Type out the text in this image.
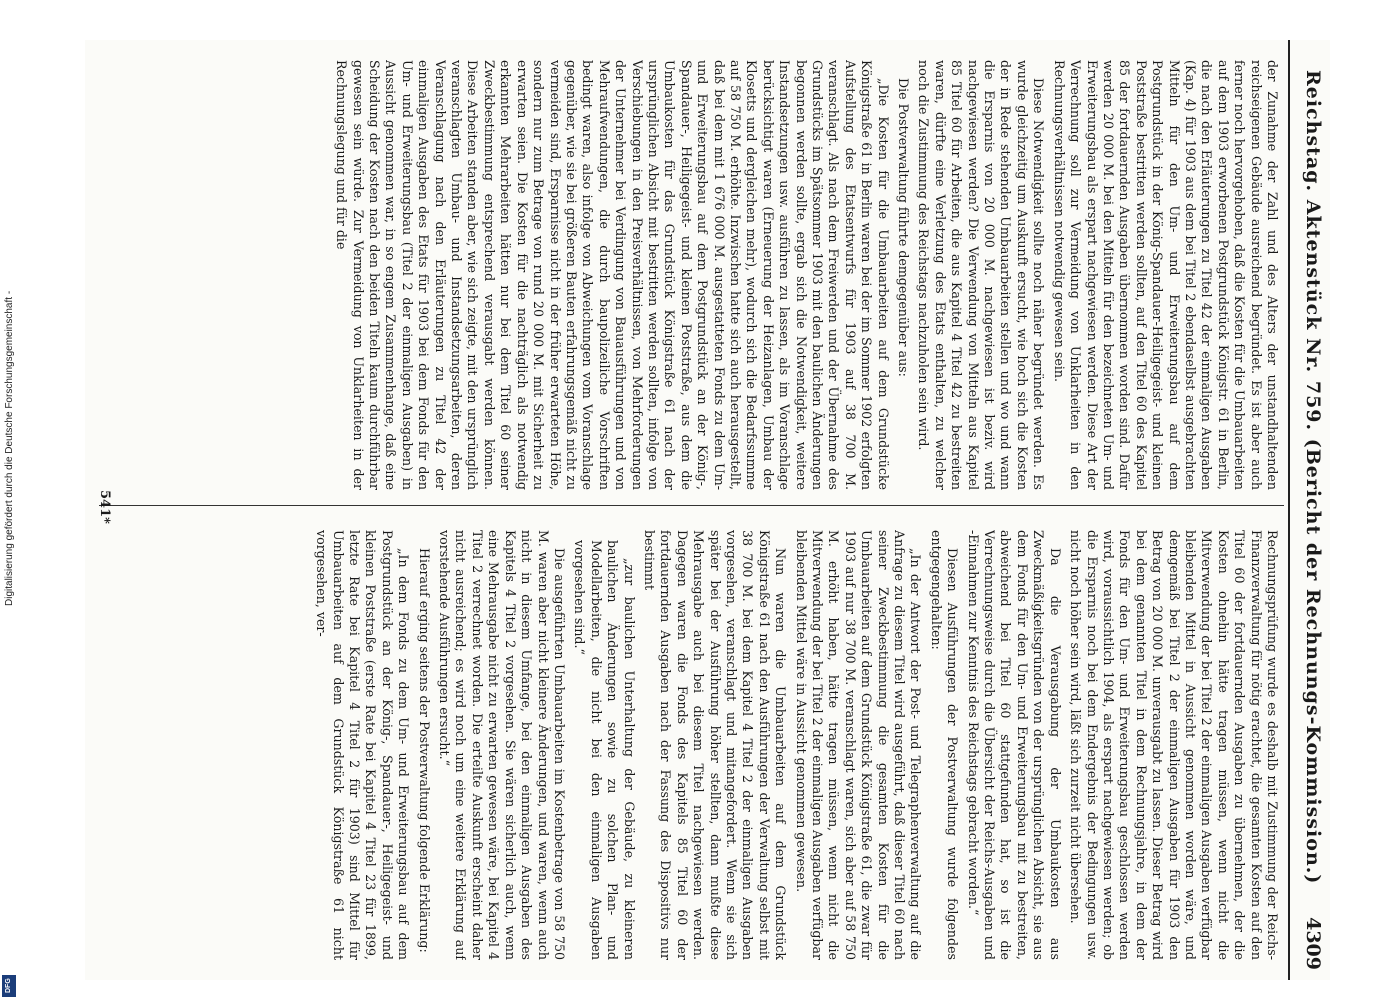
Reichstag. Aktenstück Nr. 759. (Bericht der Rechnungs-Kommission.)
4309

der Zunahme der Zahl und des Alters der unstandhaltenden reichseigenen Gebäude ausreichend begründet. Es ist aber auch ferner noch hervorgehoben, daß die Kosten für die Umbauarbeiten auf dem 1903 erworbenen Postgrundstück Königstr. 61 in Berlin, die nach den Erläuterungen zu Titel 42 der einmaligen Ausgaben (Kap. 4) für 1903 aus dem bei Titel 2 ebendaselbst ausgebrachten Mitteln für den Um- und Erweiterungsbau auf dem Postgrundstück in der König-Spandauer-Heiligegeist- und kleinen Poststraße bestritten werden sollten, auf den Titel 60 des Kapitel 85 der fortdauernden Ausgaben übernommen worden sind. Dafür werden 20 000 M. bei den Mitteln für den bezeichneten Um- und Erweiterungsbau als erspart nachgewiesen werden. Diese Art der Verrechnung soll zur Vermeidung von Unklarheiten in den Rechnungsverhältnissen notwendig gewesen sein.

Diese Notwendigkeit sollte noch näher begründet werden. Es wurde gleichzeitig um Auskunft ersucht, wie hoch sich die Kosten der in Rede stehenden Umbauarbeiten stellen und wo und wann die Ersparnis von 20 000 M. nachgewiesen ist beziv. wird nachgewiesen werden? Die Verwendung von Mitteln aus Kapitel 85 Titel 60 für Arbeiten, die aus Kapitel 4 Titel 42 zu bestreiten waren, dürfte eine Verletzung des Etats enthalten, zu welcher noch die Zustimmung des Reichstags nachzuholen sein wird.

Die Postverwaltung führte demgegenüber aus:

„Die Kosten für die Umbauarbeiten auf dem Grundstücke Königstraße 61 in Berlin waren bei der im Sommer 1902 erfolgten Aufstellung des Etatsentwurfs für 1903 auf 38 700 M. veranschlagt. Als nach dem Freiwerden und der Übernahme des Grundstücks im Spätsommer 1903 mit den baulichen Änderungen begonnen werden sollte, ergab sich die Notwendigkeit, weitere Instandsetzungen usw. ausführen zu lassen, als im Voranschlage berücksichtigt waren (Erneuerung der Heizanlagen, Umbau der Klosetts und dergleichen mehr), wodurch sich die Bedarfssumme auf 58 750 M. erhöhte. Inzwischen hatte sich auch herausgestellt, daß bei dem mit 1 676 000 M. ausgestatteten Fonds zu dem Um- und Erweiterungsbau auf dem Postgrundstück an der König-, Spandauer-, Heiligegeist- und kleinen Poststraße, aus dem die Umbaukosten für das Grundstück Königstraße 61 nach der ursprünglichen Absicht mit bestritten werden sollten, infolge von Verschiebungen in den Preisverhältnissen, von Mehrforderungen der Unternehmer bei Verdingung von Bauausführungen und von Mehraufwendungen, die durch baupolizeiliche Vorschriften bedingt waren, also infolge von Abweichungen vom Voranschlage gegenüber, wie sie bei größeren Bauten erfahrungsgemäß nicht zu vermeiden sind, Ersparnisse nicht in der früher erwarteten Höhe, sondern nur zum Betrage von rund 20 000 M. mit Sicherheit zu erwarten seien. Die Kosten für die nachträglich als notwendig erkannten Mehrarbeiten hätten nur bei dem Titel 60 seiner Zweckbestimmung entsprechend verausgabt werden können. Diese Arbeiten standen aber, wie sich zeigte, mit den ursprünglich veranschlagten Umbau- und Instandsetzungsarbeiten, deren Veranschlagung nach den Erläuterungen zu Titel 42 der einmaligen Ausgaben des Etats für 1903 bei dem Fonds für den Um- und Erweiterungsbau (Titel 2 der einmaligen Ausgaben) in Aussicht genommen war, in so engem Zusammenhange, daß eine Scheidung der Kosten nach den beiden Titeln kaum durchführbar gewesen sein würde. Zur Vermeidung von Unklarheiten in der Rechnungslegung und für die

Rechnungsprüfung wurde es deshalb mit Zustimmung der Reichs-Finanzverwaltung für nötig erachtet, die gesamten Kosten auf den Titel 60 der fortdauernden Ausgaben zu übernehmen, der die Kosten ohnehin hätte tragen müssen, wenn nicht die Mitverwendung der bei Titel 2 der einmaligen Ausgaben verfügbar bleibenden Mittel in Aussicht genommen worden wäre, und demgemäß bei Titel 2 der einmaligen Ausgaben für 1903 den Betrag von 20 000 M. unverausgabt zu lassen. Dieser Betrag wird bei dem genannten Titel in dem Rechnungsjahre, in dem der Fonds für den Um- und Erweiterungsbau geschlossen werden wird, voraussichtlich 1904, als erspart nachgewiesen werden; ob die Ersparnis noch bei dem Endergebnis der Bedingungen usw. nicht noch höher sein wird, läßt sich zurzeit nicht übersehen.

Da die Verausgabung der Umbaukosten aus Zweckmäßigkeitsgründen von der ursprünglichen Absicht, sie aus dem Fonds für den Um- und Erweiterungsbau mit zu bestreiten, abweichend bei Titel 60 stattgefunden hat, so ist die Verrechnungsweise durch die Übersicht der Reichs-Ausgaben und -Einnahmen zur Kenntnis des Reichstags gebracht worden.“

Diesen Ausführungen der Postverwaltung wurde folgendes entgegengehalten:

„In der Antwort der Post- und Telegraphenverwaltung auf die Anfrage zu diesem Titel wird ausgeführt, daß dieser Titel 60 nach seiner Zweckbestimmung die gesamten Kosten für die Umbauarbeiten auf dem Grundstück Königstraße 61, die zwar für 1903 auf nur 38 700 M. veranschlagt waren, sich aber auf 58 750 M. erhöht haben, hätte tragen müssen, wenn nicht die Mitverwendung der bei Titel 2 der einmaligen Ausgaben verfügbar bleibenden Mittel wäre in Aussicht genommen gewesen.

Nun waren die Umbauarbeiten auf dem Grundstück Königstraße 61 nach den Ausführungen der Verwaltung selbst mit 38 700 M. bei dem Kapitel 4 Titel 2 der einmaligen Ausgaben vorgesehen, veranschlagt und mitangefordert. Wenn sie sich später bei der Ausführung höher stellten, dann mußte diese Mehrausgabe auch bei diesem Titel nachgewiesen werden. Dagegen waren die Fonds des Kapitels 85 Titel 60 der fortdauernden Ausgaben nach der Fassung des Dispositivs nur bestimmt

„zur baulichen Unterhaltung der Gebäude, zu kleineren baulichen Änderungen sowie zu solchen Plan- und Modellarbeiten, die nicht bei den einmaligen Ausgaben vorgesehen sind.“

Die ausgeführten Umbauarbeiten im Kostenbetrage von 58 750 M. waren aber nicht kleinere Änderungen, und waren, wenn auch nicht in diesem Umfange, bei den einmaligen Ausgaben des Kapitels 4 Titel 2 vorgesehen. Sie wären sicherlich auch, wenn eine Mehrausgabe nicht zu erwarten gewesen wäre, bei Kapitel 4 Titel 2 verrechnet worden. Die erteilte Auskunft erscheint daher nicht ausreichend; es wird noch um eine weitere Erklärung auf vorstehende Ausführungen ersucht.“

Hierauf erging seitens der Postverwaltung folgende Erklärung:

„In dem Fonds zu dem Um- und Erweiterungsbau auf dem Postgrundstück an der König-, Spandauer-, Heiligegeist- und kleinen Poststraße (erste Rate bei Kapitel 4 Titel 23 für 1899, letzte Rate bei Kapitel 4 Titel 2 für 1903) sind Mittel für Umbauarbeiten auf dem Grundstück Königstraße 61 nicht vorgesehen, ver-

541*
Digitalisierung gefördert durch die Deutsche Forschungsgemeinschaft -
DFG
